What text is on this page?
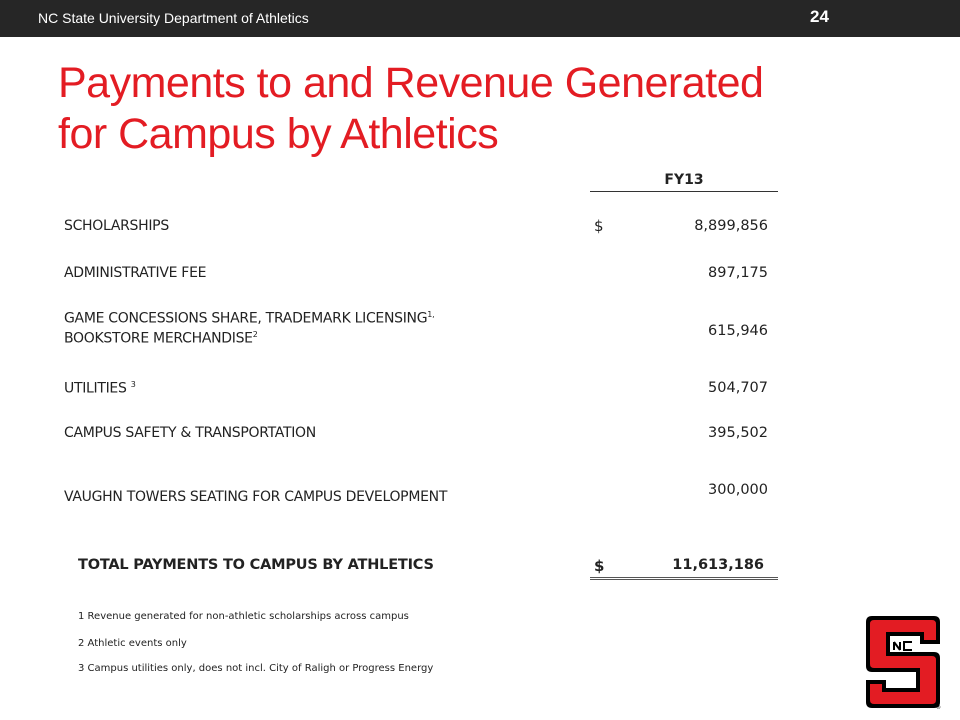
NC State University Department of Athletics	24
Payments to and Revenue Generated
for Campus by Athletics
FY13
SCHOLARSHIPS	$	8,899,856
ADMINISTRATIVE FEE	897,175
GAME CONCESSIONS SHARE, TRADEMARK $LICENSING^{1,}$
BOOKSTORE MERCHANDISE$^2$	615,946
UTILITIES $^3$	504,707
CAMPUS SAFETY & TRANSPORTATION	395,502
VAUGHN TOWERS SEATING FOR CAMPUS DEVELOPMENT	300,000
TOTAL PAYMENTS TO CAMPUS BY ATHLETICS	$	11,613,186
1 Revenue generated for non-athletic scholarships across campus
2 Athletic events only
3 Campus utilities only, does not incl. City of Raligh or Progress Energy
®
